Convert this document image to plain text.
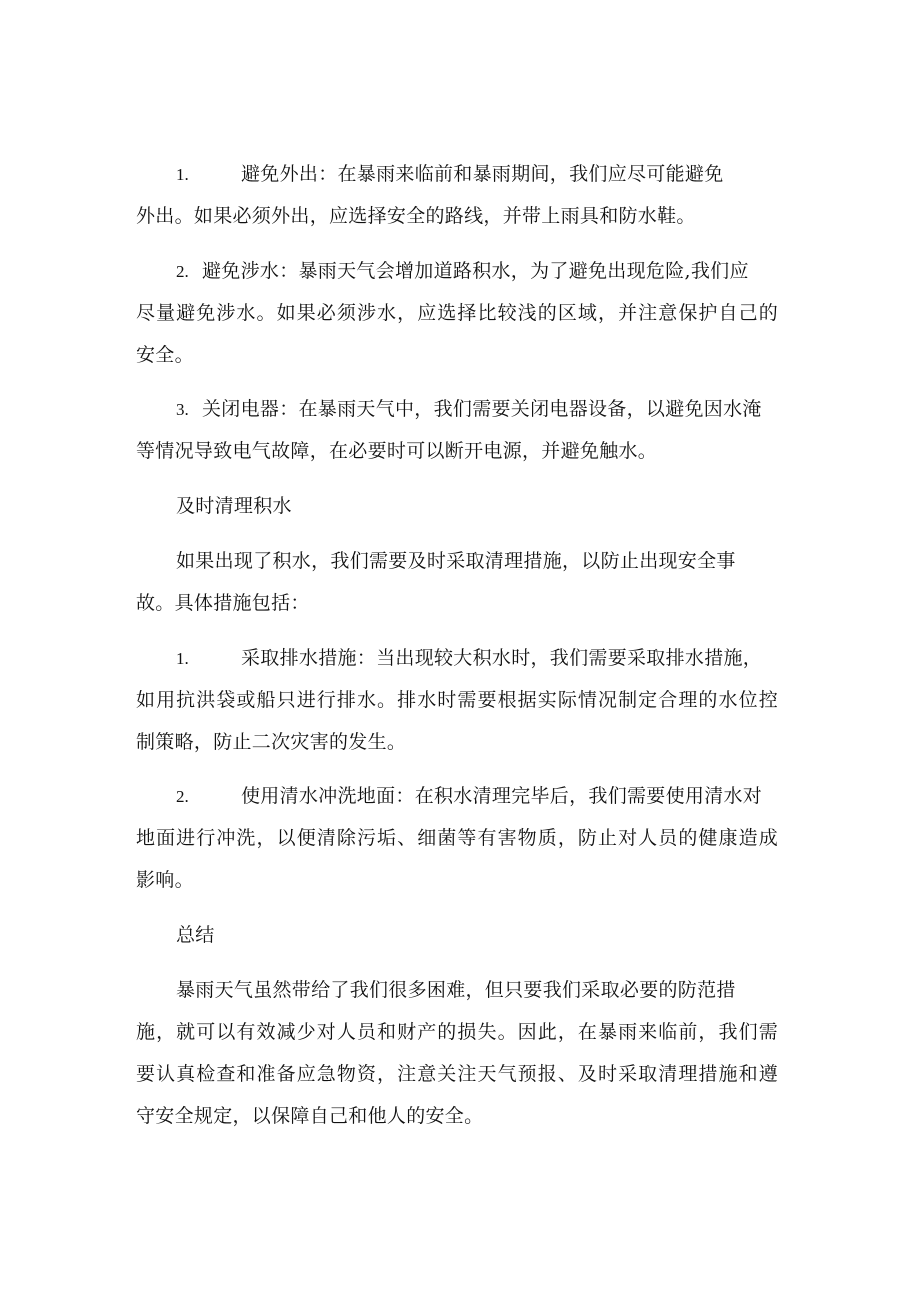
1.	避免外出：在暴雨来临前和暴雨期间，我们应尽可能避免
外出。如果必须外出，应选择安全的路线，并带上雨具和防水鞋。
2. 避免涉水：暴雨天气会增加道路积水，为了避免出现危险,我们应
尽量避免涉水。如果必须涉水，应选择比较浅的区域，并注意保护自己的
安全。
3. 关闭电器：在暴雨天气中，我们需要关闭电器设备，以避免因水淹
等情况导致电气故障，在必要时可以断开电源，并避免触水。
及时清理积水
如果出现了积水，我们需要及时采取清理措施，以防止出现安全事
故。具体措施包括：
1.	采取排水措施：当出现较大积水时，我们需要采取排水措施，
如用抗洪袋或船只进行排水。排水时需要根据实际情况制定合理的水位控
制策略，防止二次灾害的发生。
2.	使用清水冲洗地面：在积水清理完毕后，我们需要使用清水对
地面进行冲洗，以便清除污垢、细菌等有害物质，防止对人员的健康造成
影响。
总结
暴雨天气虽然带给了我们很多困难，但只要我们采取必要的防范措
施，就可以有效减少对人员和财产的损失。因此，在暴雨来临前，我们需
要认真检查和准备应急物资，注意关注天气预报、及时采取清理措施和遵
守安全规定，以保障自己和他人的安全。
